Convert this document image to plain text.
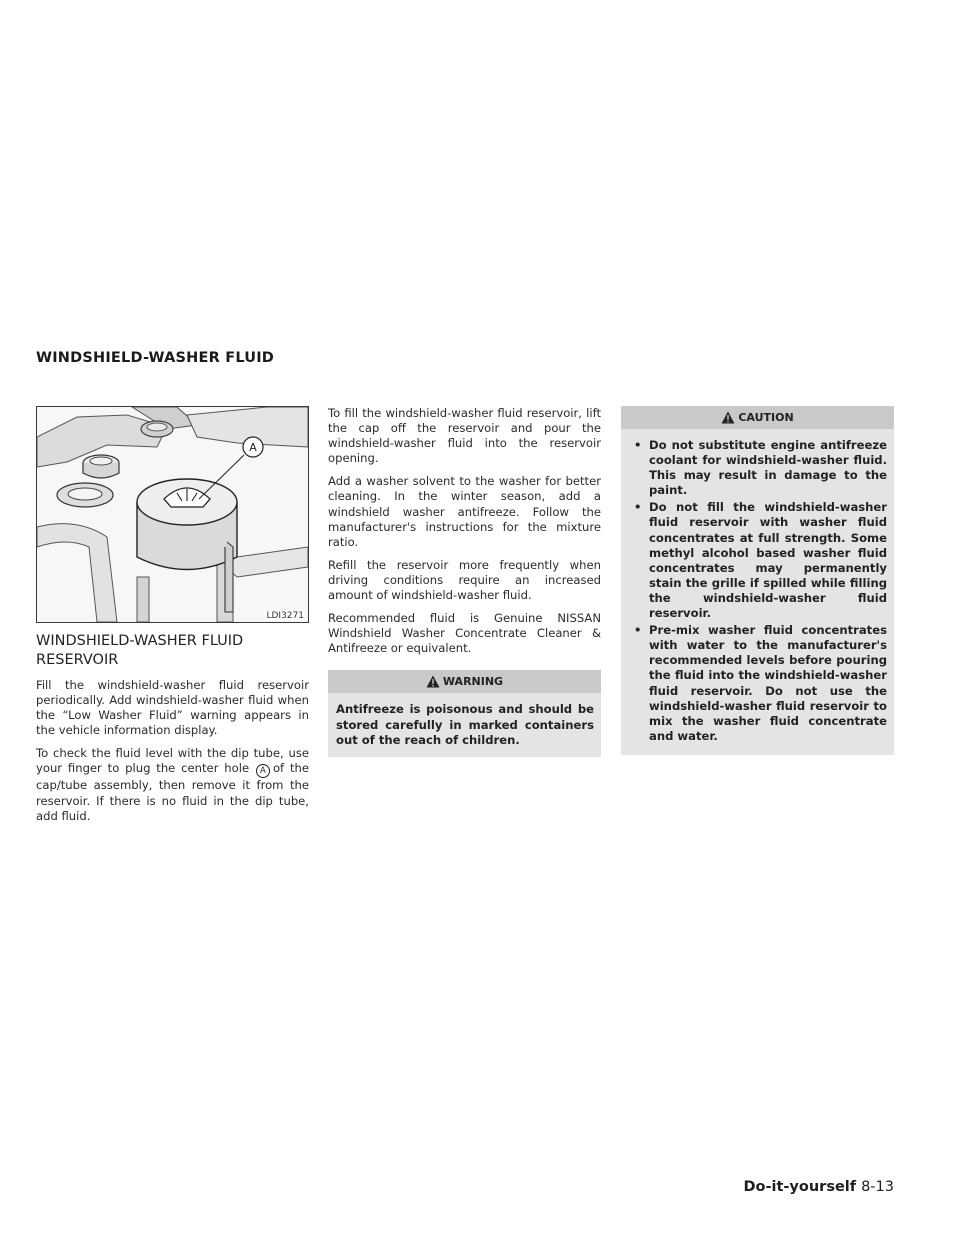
WINDSHIELD-WASHER FLUID
A
LDI3271
WINDSHIELD-WASHER FLUID RESERVOIR

Fill the windshield-washer fluid reservoir periodically. Add windshield-washer fluid when the “Low Washer Fluid” warning appears in the vehicle information display.

To check the fluid level with the dip tube, use your finger to plug the center hole A of the cap/tube assembly, then remove it from the reservoir. If there is no fluid in the dip tube, add fluid.

To fill the windshield-washer fluid reservoir, lift the cap off the reservoir and pour the windshield-washer fluid into the reservoir opening.

Add a washer solvent to the washer for better cleaning. In the winter season, add a windshield washer antifreeze. Follow the manufacturer's instructions for the mixture ratio.

Refill the reservoir more frequently when driving conditions require an increased amount of windshield-washer fluid.

Recommended fluid is Genuine NISSAN Windshield Washer Concentrate Cleaner & Antifreeze or equivalent.

WARNING

Antifreeze is poisonous and should be stored carefully in marked containers out of the reach of children.

CAUTION
• Do not substitute engine antifreeze coolant for windshield-washer fluid. This may result in damage to the paint.
• Do not fill the windshield-washer fluid reservoir with washer fluid concentrates at full strength. Some methyl alcohol based washer fluid concentrates may permanently stain the grille if spilled while filling the windshield-washer fluid reservoir.
• Pre-mix washer fluid concentrates with water to the manufacturer's recommended levels before pouring the fluid into the windshield-washer fluid reservoir. Do not use the windshield-washer fluid reservoir to mix the washer fluid concentrate and water.
Do-it-yourself 8-13
